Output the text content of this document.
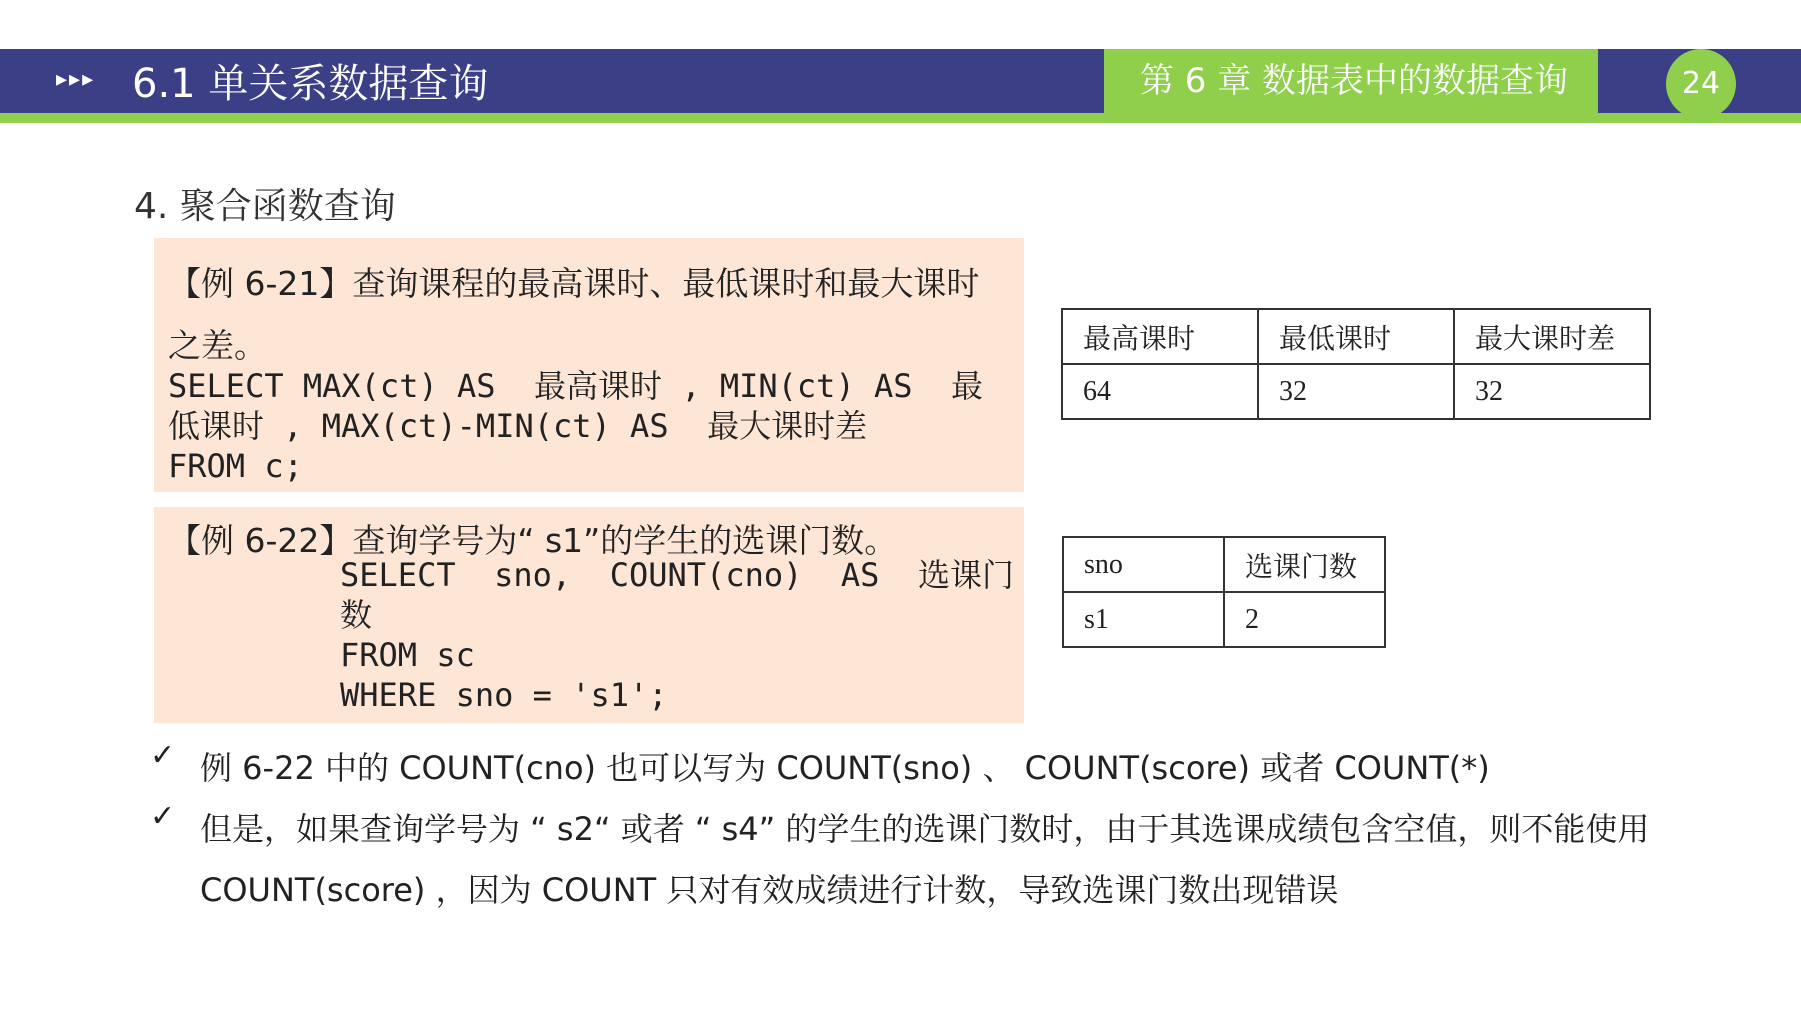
▸▸▸ 6.1 单关系数据查询	第 6 章 数据表中的数据查询	24
4. 聚合函数查询
【例 6-21】查询课程的最高课时、最低课时和最大课时
之差。
SELECT MAX(ct) AS  最高课时 , MIN(ct) AS  最
低课时 , MAX(ct)-MIN(ct) AS  最大课时差
FROM c;
【例 6-22】查询学号为“ s1”的学生的选课门数。
SELECT  sno,  COUNT(cno)  AS  选课门
数
FROM sc
WHERE sno = 's1';
最高课时	最低课时	最大课时差
64	32	32
sno	选课门数
s1	2
✓ 例 6-22 中的 COUNT(cno) 也可以写为 COUNT(sno) 、 COUNT(score) 或者 COUNT(*)
✓ 但是，如果查询学号为 “ s2“ 或者 “ s4” 的学生的选课门数时，由于其选课成绩包含空值，则不能使用 COUNT(score) ，因为 COUNT 只对有效成绩进行计数，导致选课门数出现错误
